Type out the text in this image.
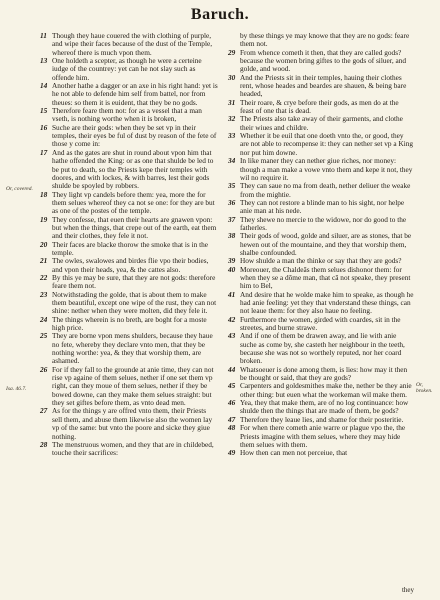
Baruch.
Or, covered.
Isa. 46.7.
Or, broken.

11 Though they haue couered the with clothing of purple, and wipe their faces because of the dust of the Temple, whereof there is much vpon them.

13 One holdeth a scepter, as though he were a certeine iudge of the countrey: yet can he not slay such as offende him.

14 Another hathe a dagger or an axe in his right hand: yet is he not able to defende him self from battel, nor from theues: so them it is euident, that they be no gods.

15 Therefore feare them not: for as a vessel that a man vseth, is nothing worthe when it is broken,

16 Suche are their gods: when they be set vp in their temples, their eyes be ful of dust by reason of the fete of those y come in:

17 And as the gates are shut in round about vpon him that hathe offended the King: or as one that shulde be led to be put to death, so the Priests kepe their temples with doores, and with lockes, & with barres, lest their gods shulde be spoyled by robbers.

18 They light vp candels before them: yea, more the for them selues whereof they ca not se one: for they are but as one of the postes of the temple.

19 They confesse, that euen their hearts are gnawen vpon: but when the things, that crepe out of the earth, eat them and their clothes, they fele it not.

20 Their faces are blacke thorow the smoke that is in the temple.

21 The owles, swalowes and birdes flie vpo their bodies, and vpon their heads, yea, & the cattes also.

22 By this ye may be sure, that they are not gods: therefore feare them not.

23 Notwithstading the golde, that is about them to make them beautiful, except one wipe of the rust, they can not shine: nether when they were molten, did they fele it.

24 The things wherein is no breth, are boght for a moste high price.

25 They are borne vpon mens shulders, because they haue no fete, whereby they declare vnto men, that they be nothing worthe: yea, & they that worship them, are ashamed.

26 For if they fall to the grounde at anie time, they can not rise vp againe of them selues, nether if one set them vp right, can they moue of them selues, nether if they be bowed downe, can they make them selues straight: but they set giftes before them, as vnto dead men.

27 As for the things y are offred vnto them, their Priests sell them, and abuse them likewise also the women lay vp of the same: but vnto the poore and sicke they giue nothing.

28 The menstruous women, and they that are in childebed, touche their sacrifices:

by these things ye may knowe that they are no gods: feare them not.

29 From whence cometh it then, that they are called gods? because the women bring giftes to the gods of siluer, and golde, and wood.

30 And the Priests sit in their temples, hauing their clothes rent, whose heades and beardes are shauen, & being bare headed,

31 Their roare, & crye before their gods, as men do at the feast of one that is dead.

32 The Priests also take away of their garments, and clothe their wiues and childre.

33 Whether it be euil that one doeth vnto the, or good, they are not able to recompense it: they can nether set vp a King nor put him downe.

34 In like maner they can nether giue riches, nor money: though a man make a vowe vnto them and kepe it not, they wil no require it.

35 They can saue no ma from death, nether deliuer the weake from the mightie.

36 They can not restore a blinde man to his sight, nor helpe anie man at his nede.

37 They shewe no mercie to the widowe, nor do good to the fatherles.

38 Their gods of wood, golde and siluer, are as stones, that be hewen out of the mountaine, and they that worship them, shalbe confounded.

39 How shulde a man the thinke or say that they are gods?

40 Moreouer, the Chaldeās them selues dishonor them: for when they se a dōme man, that cā not speake, they present him to Bel,

41 And desire that he wolde make him to speake, as though he had anie feeling: yet they that vnderstand these things, can not leaue them: for they also haue no feeling.

42 Furthermore the women, girded with coardes, sit in the streetes, and burne strawe.

43 And if one of them be drawen away, and lie with anie suche as come by, she casteth her neighbour in the teeth, because she was not so worthely reputed, nor her coard broken.

44 Whatsoeuer is done among them, is lies: how may it then be thought or said, that they are gods?

45 Carpenters and goldesmithes make the, nether be they anie other thing: but euen what the workeman wil make them.

46 Yea, they that make them, are of no log continuance: how shulde then the things that are made of them, be gods?

47 Therefore they leaue lies, and shame for their posteritie.

48 For when there cometh anie warre or plague vpo the, the Priests imagine with them selues, where they may hide them selues with them.

49 How then can men not perceiue, that

they
